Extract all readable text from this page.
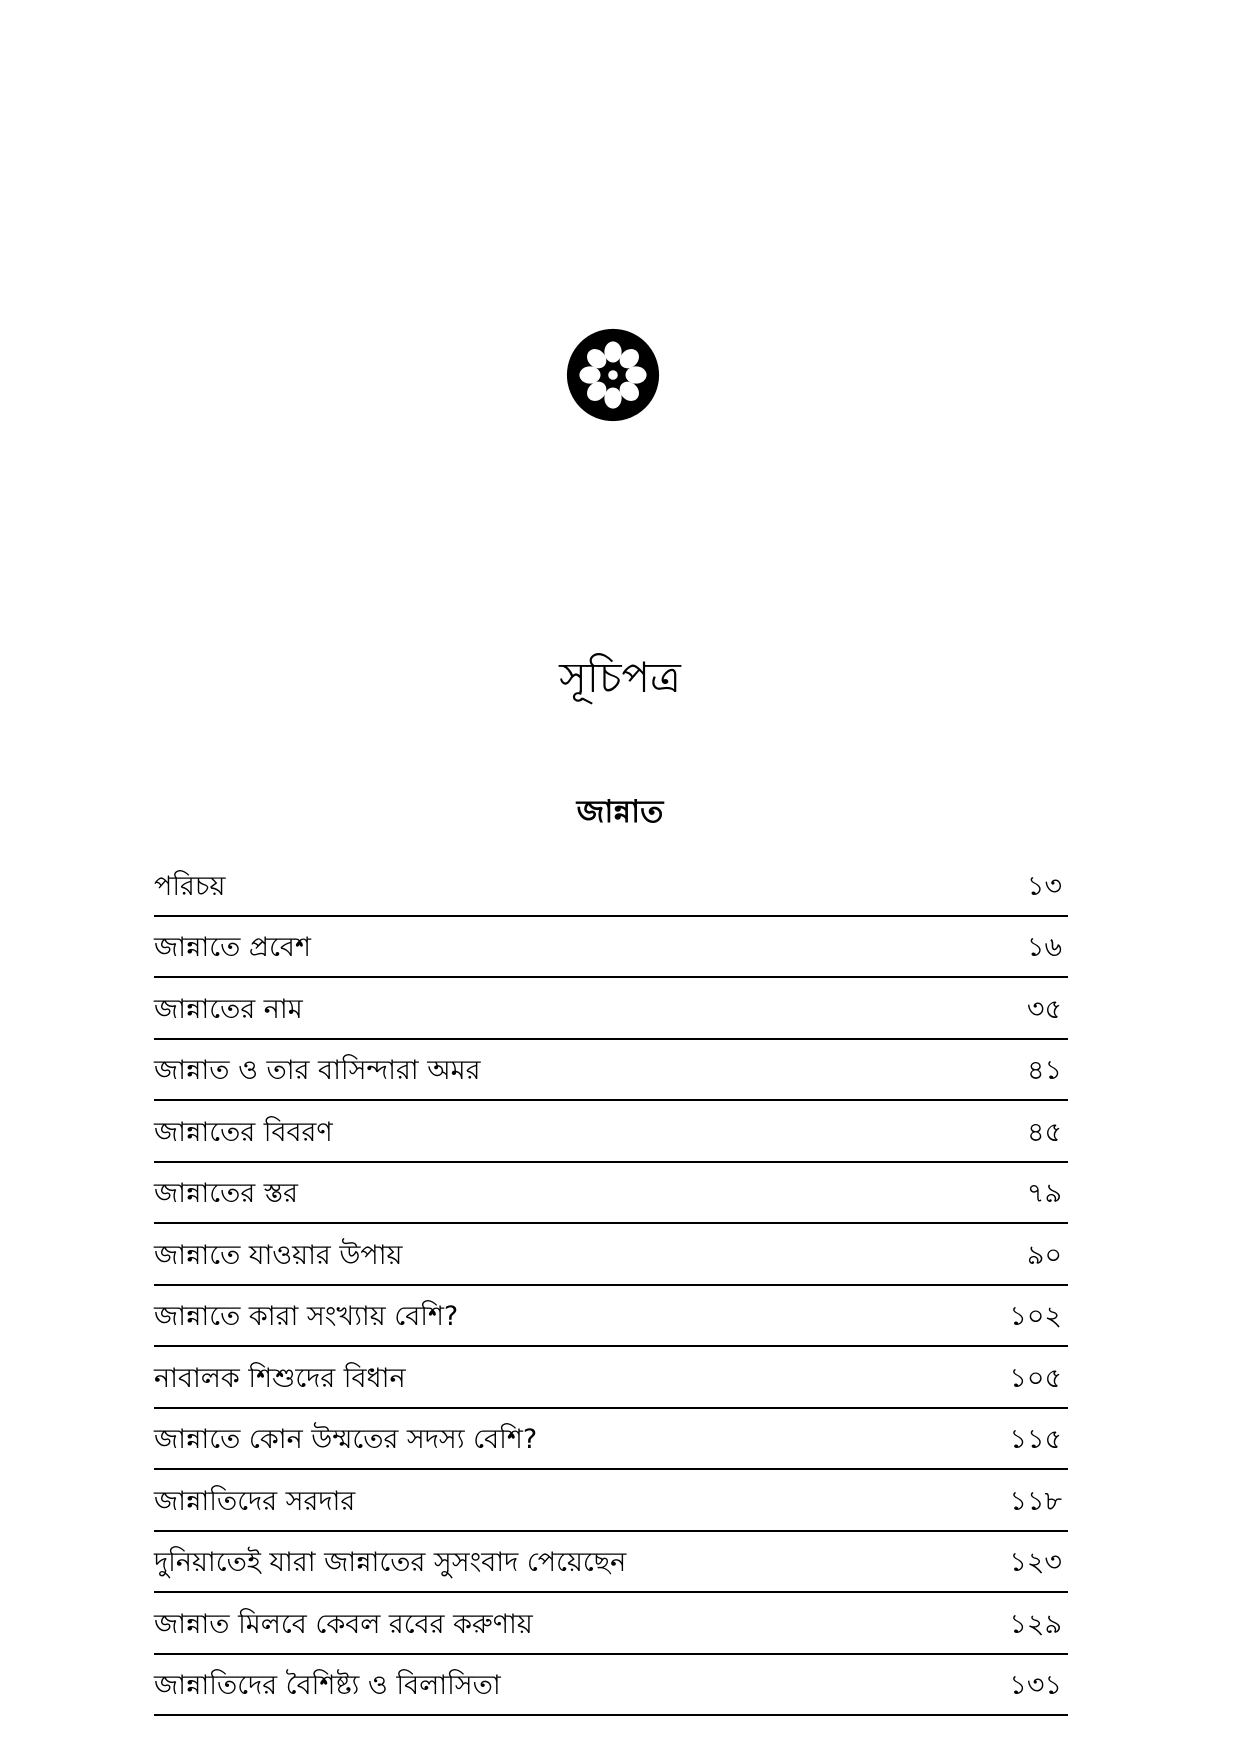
সূচিপত্র
জান্নাত
পরিচয়	১৩
জান্নাতে প্রবেশ	১৬
জান্নাতের নাম	৩৫
জান্নাত ও তার বাসিন্দারা অমর	৪১
জান্নাতের বিবরণ	৪৫
জান্নাতের স্তর	৭৯
জান্নাতে যাওয়ার উপায়	৯০
জান্নাতে কারা সংখ্যায় বেশি?	১০২
নাবালক শিশুদের বিধান	১০৫
জান্নাতে কোন উম্মতের সদস্য বেশি?	১১৫
জান্নাতিদের সরদার	১১৮
দুনিয়াতেই যারা জান্নাতের সুসংবাদ পেয়েছেন	১২৩
জান্নাত মিলবে কেবল রবের করুণায়	১২৯
জান্নাতিদের বৈশিষ্ট্য ও বিলাসিতা	১৩১
